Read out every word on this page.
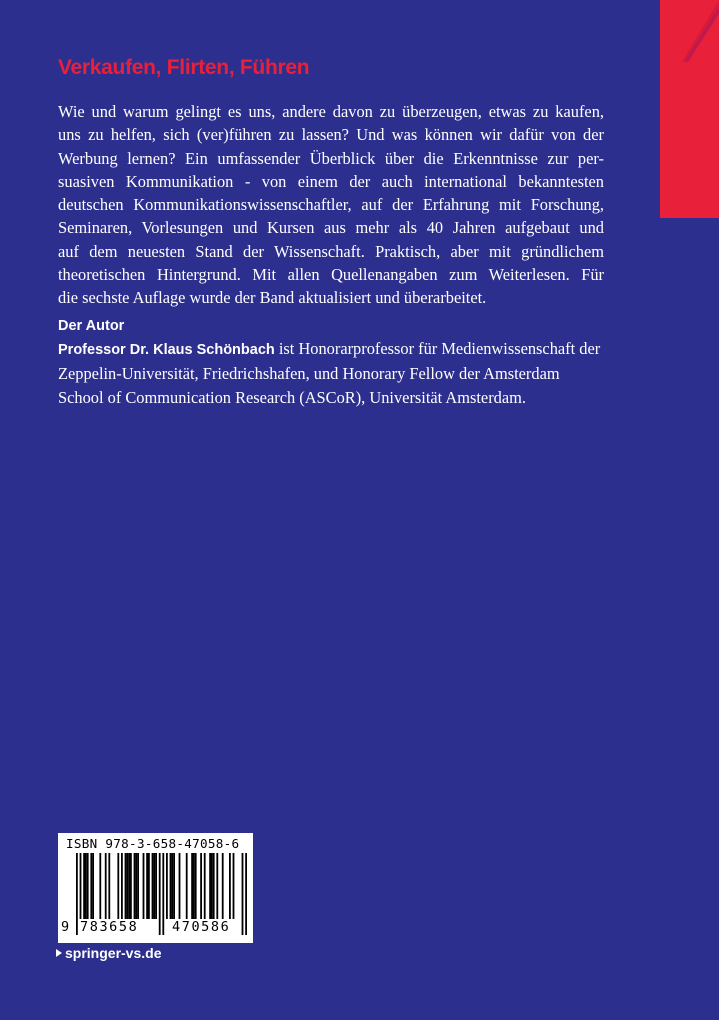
Verkaufen, Flirten, Führen

Wie und warum gelingt es uns, andere davon zu überzeugen, etwas zu kaufen,
uns zu helfen, sich (ver)führen zu lassen? Und was können wir dafür von der
Werbung lernen? Ein umfassender Überblick über die Erkenntnisse zur per-
suasiven Kommunikation - von einem der auch international bekanntesten
deutschen Kommunikationswissenschaftler, auf der Erfahrung mit Forschung,
Seminaren, Vorlesungen und Kursen aus mehr als 40 Jahren aufgebaut und
auf dem neuesten Stand der Wissenschaft. Praktisch, aber mit gründlichem
theoretischen Hintergrund. Mit allen Quellenangaben zum Weiterlesen. Für
die sechste Auflage wurde der Band aktualisiert und überarbeitet.

Der Autor

Professor Dr. Klaus Schönbach ist Honorarprofessor für Medienwissenschaft der
Zeppelin-Universität, Friedrichshafen, und Honorary Fellow der Amsterdam
School of Communication Research (ASCoR), Universität Amsterdam.

ISBN 978-3-658-47058-6
9 783658 470586
springer-vs.de
